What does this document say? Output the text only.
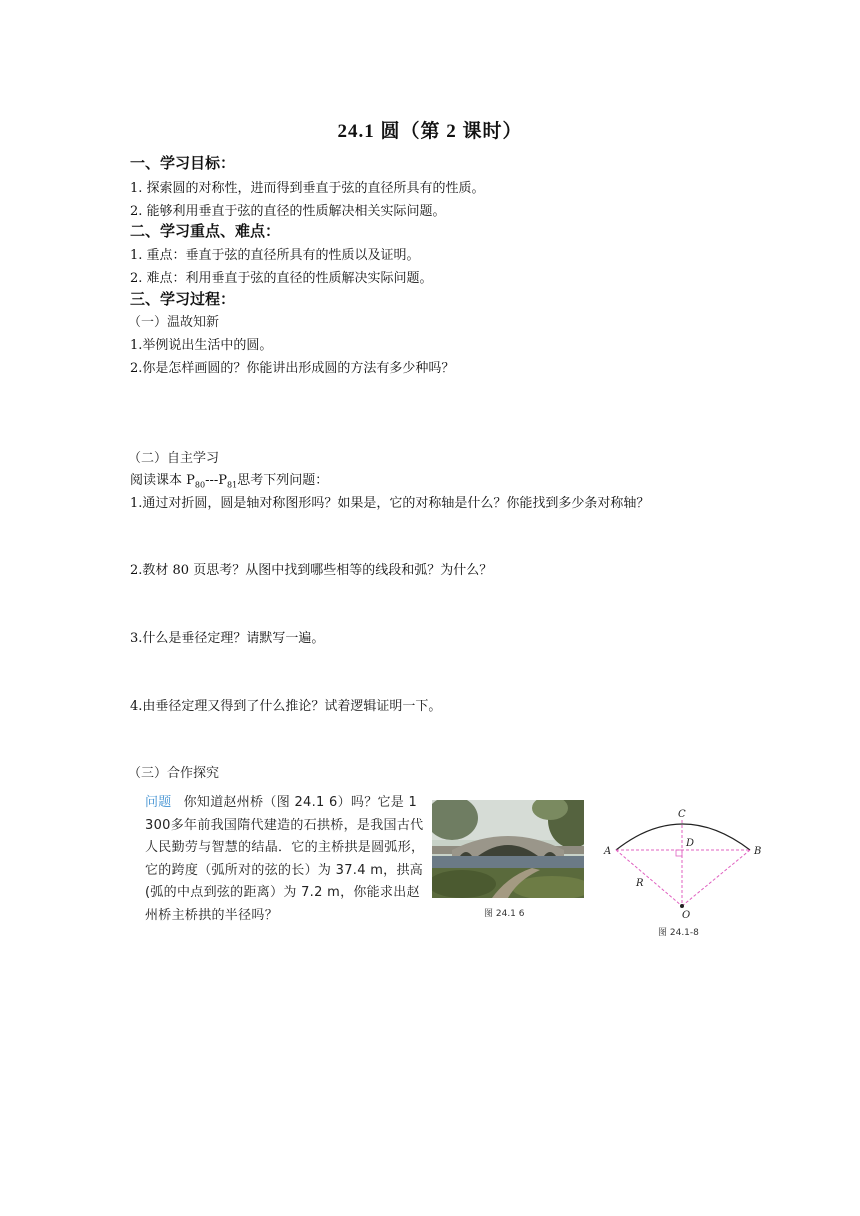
24.1 圆（第 2 课时）
一、学习目标：
1. 探索圆的对称性，进而得到垂直于弦的直径所具有的性质。
2. 能够利用垂直于弦的直径的性质解决相关实际问题。
二、学习重点、难点：
1. 重点：垂直于弦的直径所具有的性质以及证明。
2. 难点：利用垂直于弦的直径的性质解决实际问题。
三、学习过程：
（一）温故知新
1.举例说出生活中的圆。
2.你是怎样画圆的？你能讲出形成圆的方法有多少种吗？
（二）自主学习
阅读课本 $P_{80}---P_{81}$思考下列问题：
1.通过对折圆，圆是轴对称图形吗？如果是，它的对称轴是什么？你能找到多少条对称轴？
2.教材 80 页思考？从图中找到哪些相等的线段和弧？为什么？
3.什么是垂径定理？请默写一遍。
4.由垂径定理又得到了什么推论？试着逻辑证明一下。
（三）合作探究
问题 你知道赵州桥（图 24.1 6）吗？它是 1 300多年前我国隋代建造的石拱桥，是我国古代人民勤劳与智慧的结晶．它的主桥拱是圆弧形，它的跨度（弧所对的弦的长）为 37.4 m，拱高(弧的中点到弦的距离）为 7.2 m，你能求出赵州桥主桥拱的半径吗？	图 24.1 6
C
A	B
D
R
O
图 24.1-8
